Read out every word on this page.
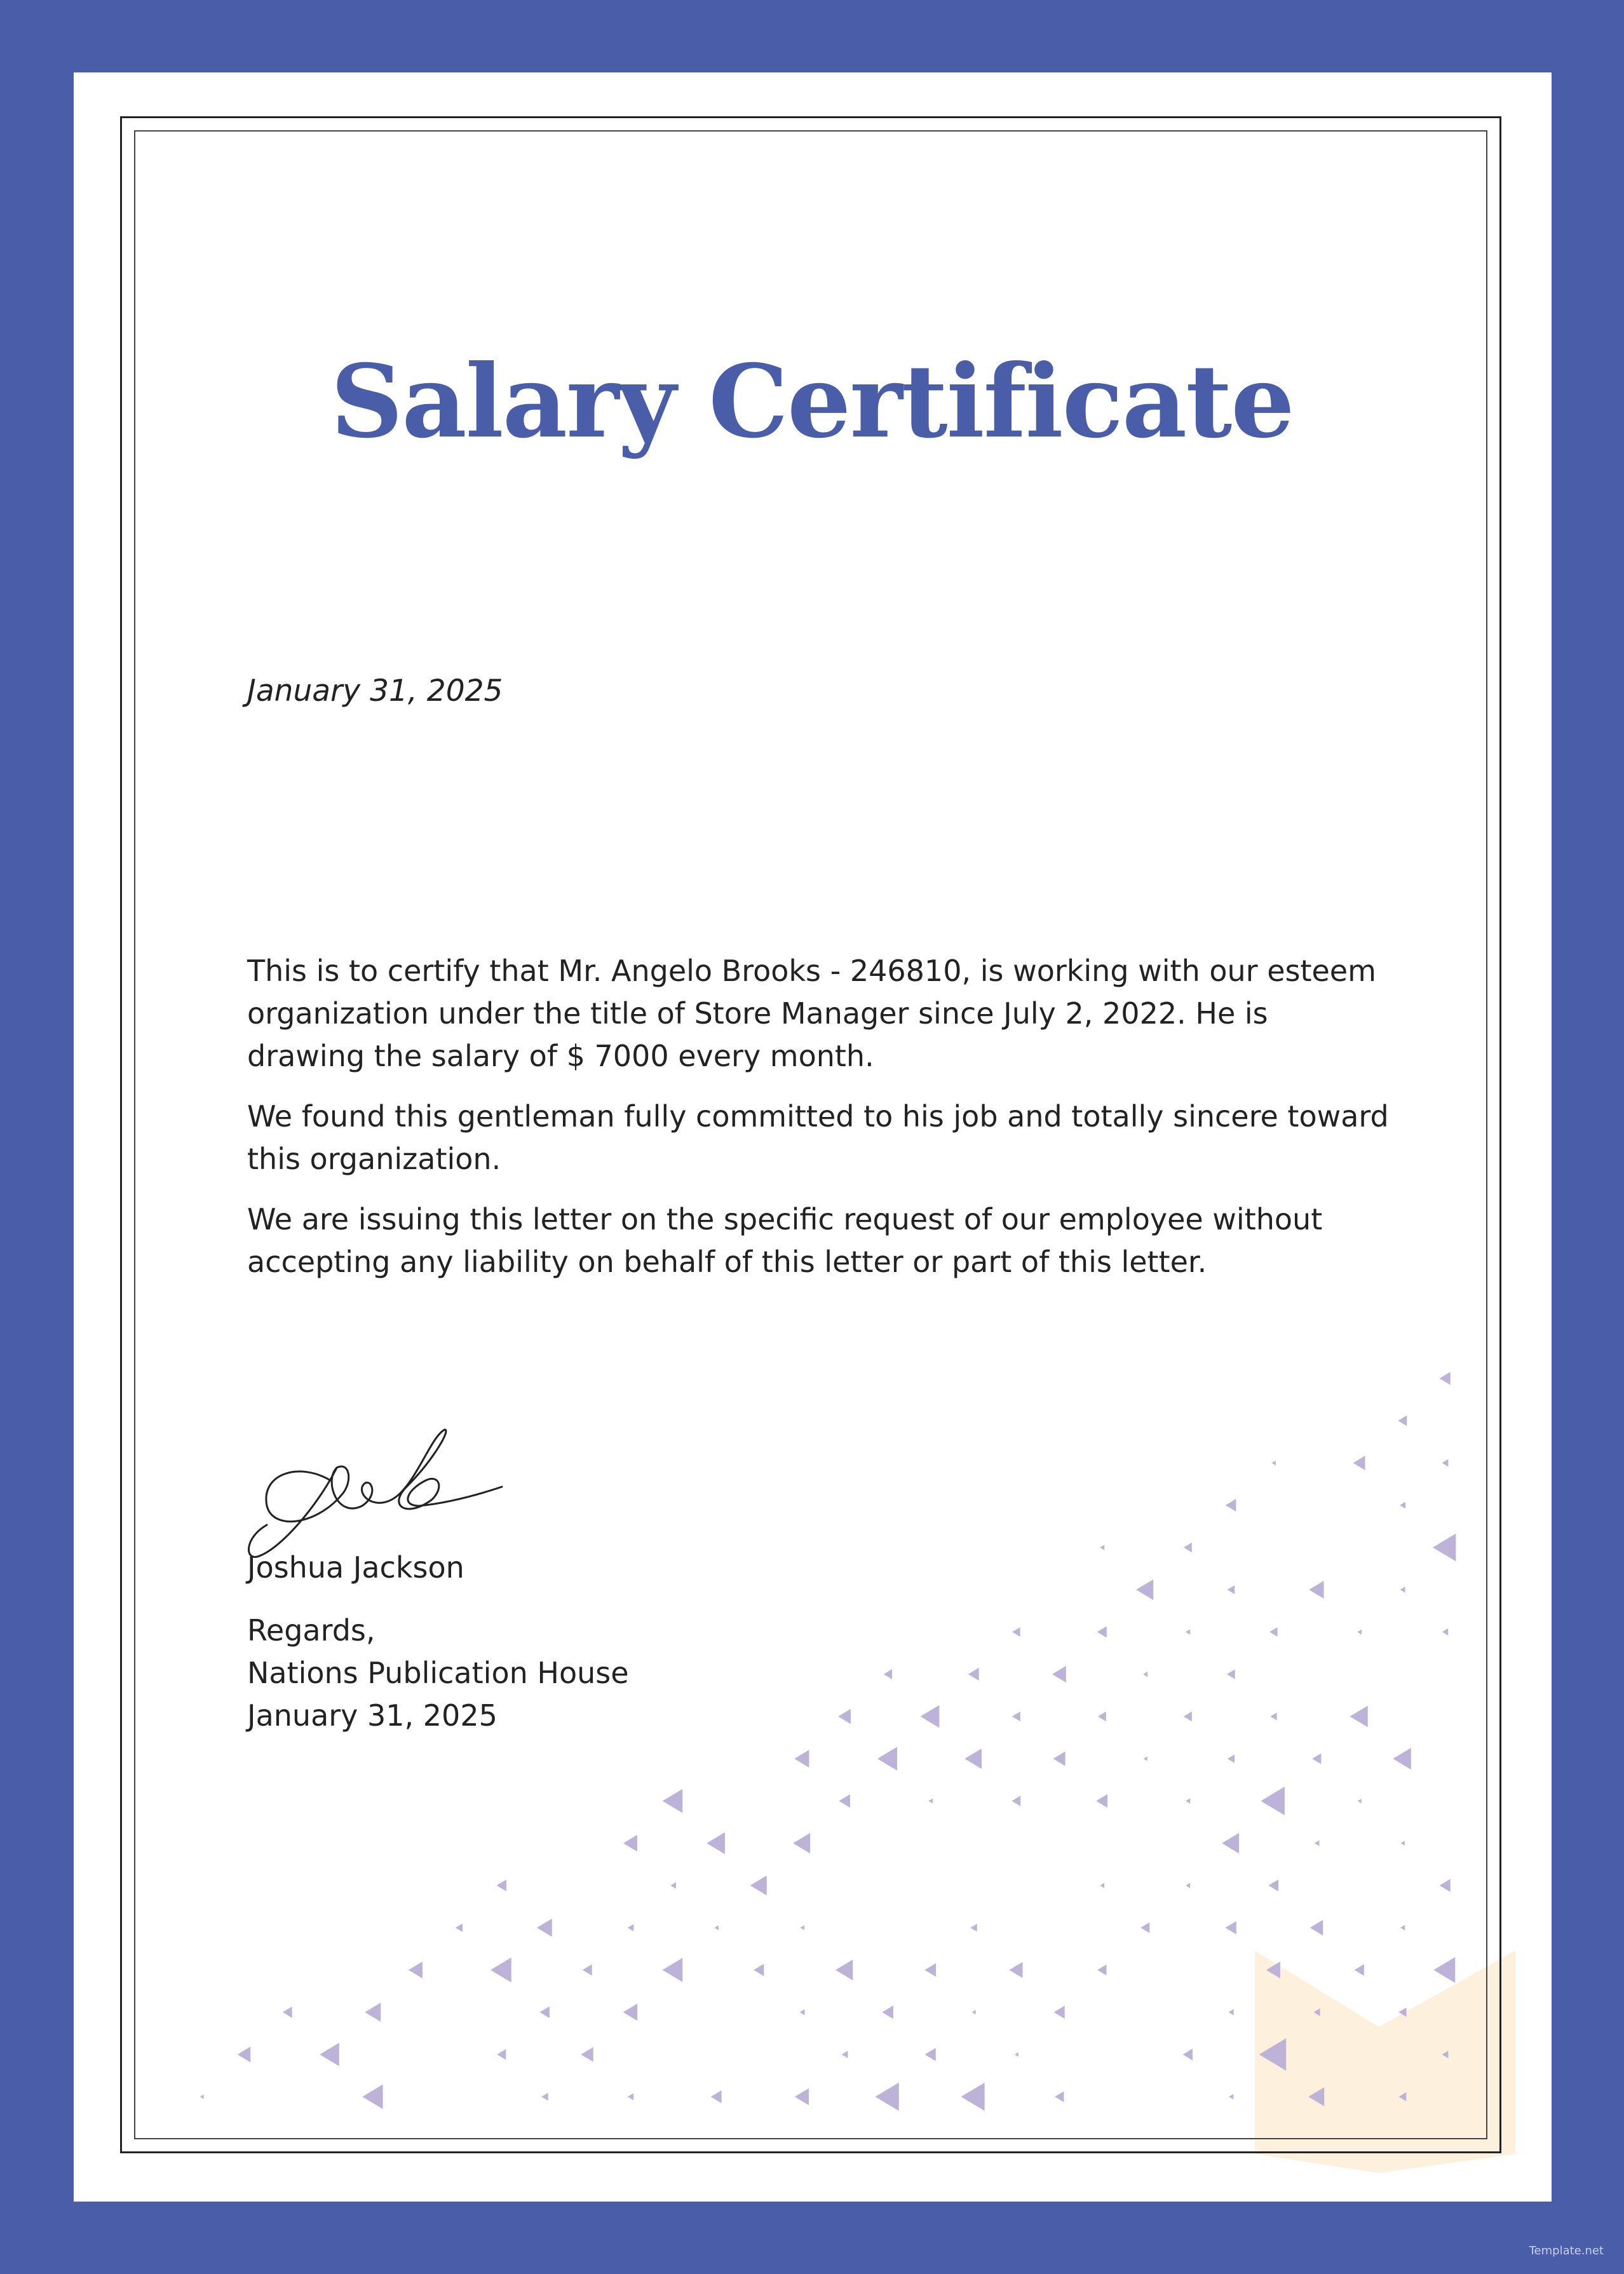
Salary Certificate
January 31, 2025

This is to certify that Mr. Angelo Brooks - 246810, is working with our esteem organization under the title of Store Manager since July 2, 2022. He is drawing the salary of $ 7000 every month.

We found this gentleman fully committed to his job and totally sincere toward this organization.

We are issuing this letter on the specific request of our employee without accepting any liability on behalf of this letter or part of this letter.

Joshua Jackson
Regards,
Nations Publication House
January 31, 2025
Template.net
